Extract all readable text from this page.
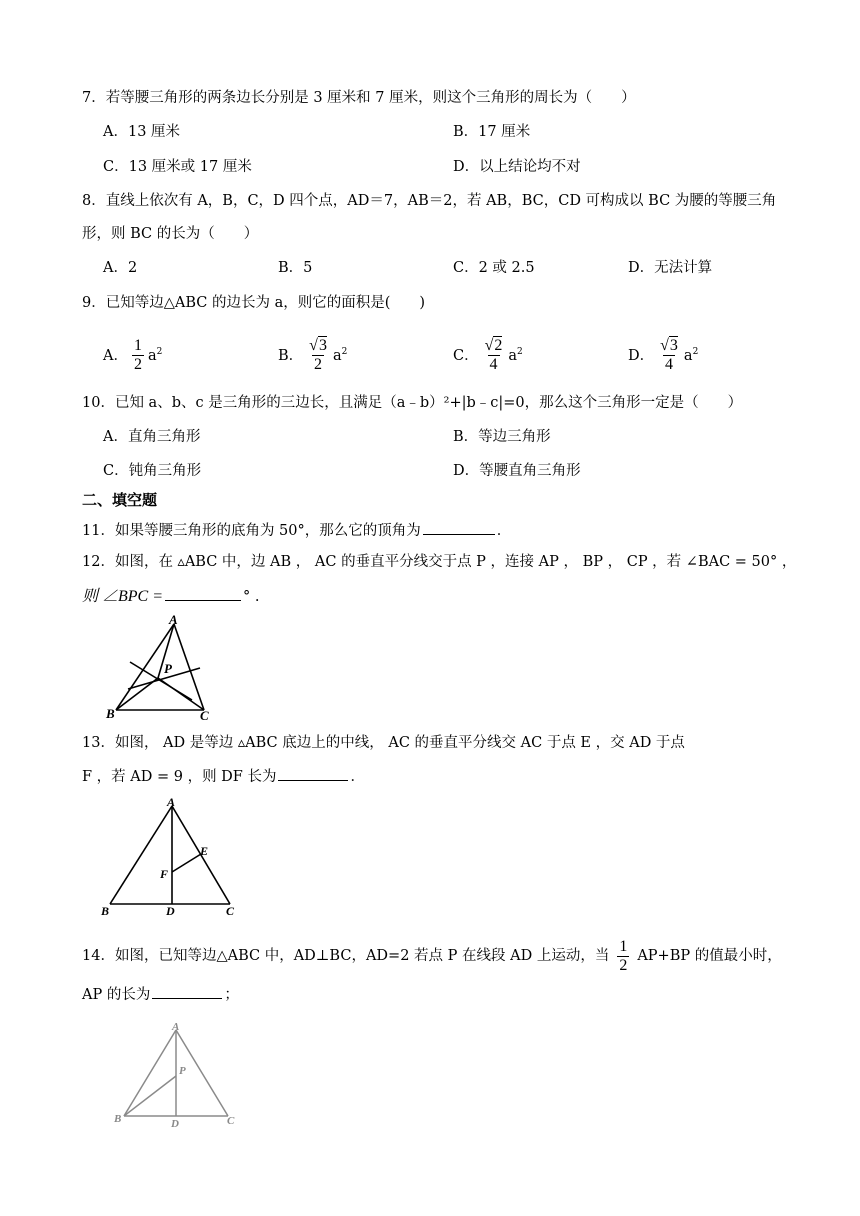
7．若等腰三角形的两条边长分别是 3 厘米和 7 厘米，则这个三角形的周长为（　　）
A．13 厘米	B．17 厘米
C．13 厘米或 17 厘米	D．以上结论均不对
8．直线上依次有 A，B，C，D 四个点，AD＝7，AB＝2，若 AB，BC，CD 可构成以 BC 为腰的等腰三角
形，则 BC 的长为（　　）
A．2	B．5	C．2 或 2.5	D．无法计算
9．已知等边△ABC 的边长为 a，则它的面积是(　　)
A． $\frac{1}{2} a^2$	B． $\frac{√3}{2} a^2$	C． $\frac{√2}{4} a^2$	D． $\frac{√3}{4} a^2$
10．已知 a、b、c 是三角形的三边长，且满足（a﹣b）²+|b﹣c|=0，那么这个三角形一定是（　　）
A．直角三角形	B．等边三角形
C．钝角三角形	D．等腰直角三角形
二、填空题
11．如果等腰三角形的底角为 50°，那么它的顶角为	．
12．如图，在 ▵ABC 中，边 AB ， AC 的垂直平分线交于点 P ，连接 AP ， BP ， CP ，若 ∠BAC = 50° ，
则 ∠BPC =	° .
A
P
B	C
13．如图， AD 是等边 ▵ABC 底边上的中线， AC 的垂直平分线交 AC 于点 E ，交 AD 于点
F ，若 AD = 9 ，则 DF 长为	．
A
E
F
B	D	C
14．如图，已知等边△ABC 中，AD⊥BC，AD=2 若点 P 在线段 AD 上运动，当 $\frac{1}{2} AP+BP$ 的值最小时，
AP 的长为	；
A
P
B	D	C
